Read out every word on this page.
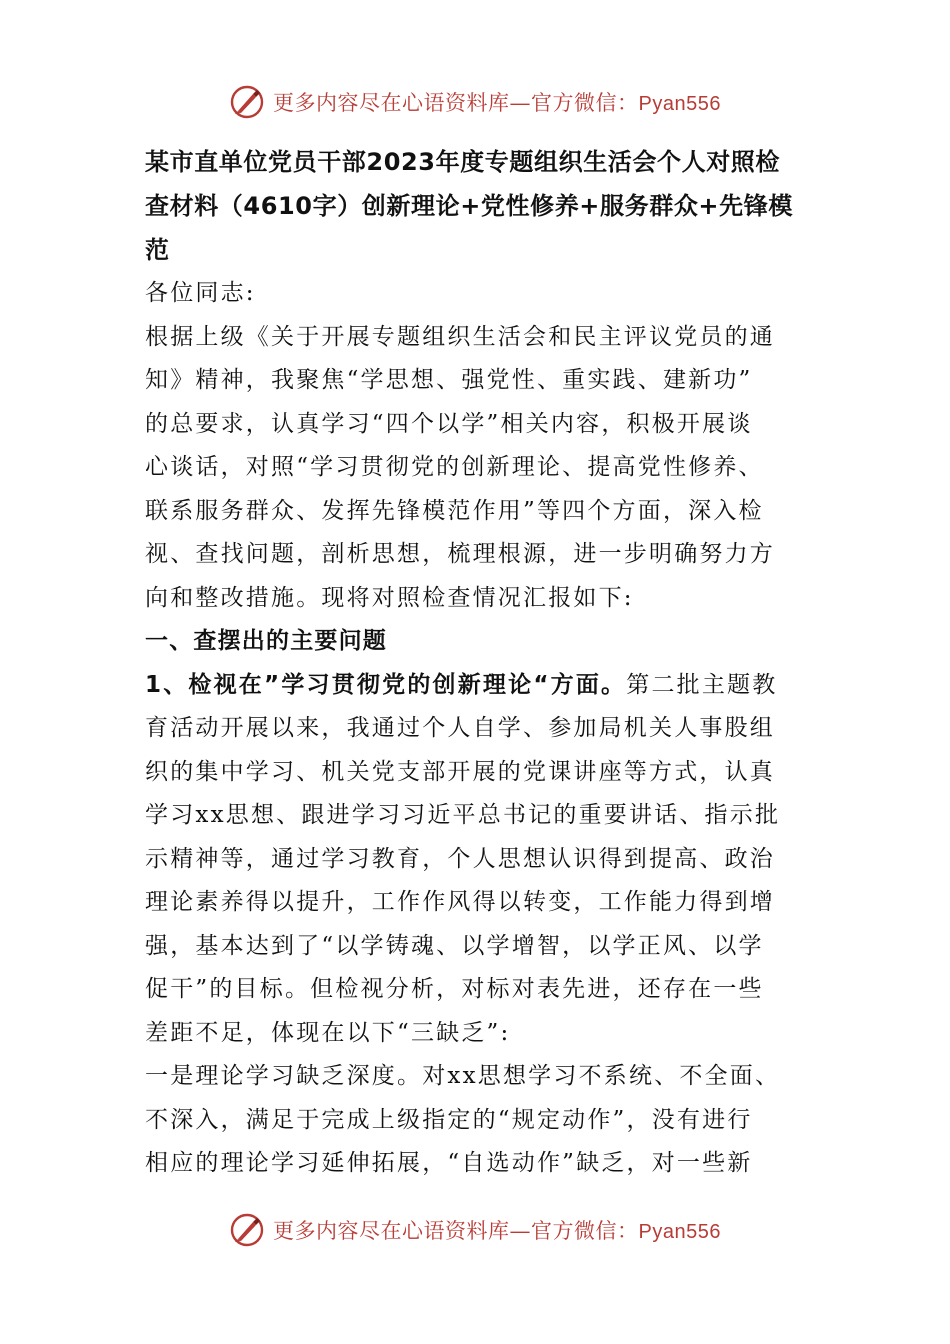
更多内容尽在心语资料库—官方微信：Pyan556
某市直单位党员干部2023年度专题组织生活会个人对照检
查材料（4610字）创新理论+党性修养+服务群众+先锋模范
各位同志:
根据上级《关于开展专题组织生活会和民主评议党员的通
知》精神，我聚焦“学思想、强党性、重实践、建新功”
的总要求，认真学习“四个以学”相关内容，积极开展谈
心谈话，对照“学习贯彻党的创新理论、提高党性修养、
联系服务群众、发挥先锋模范作用”等四个方面，深入检
视、查找问题，剖析思想，梳理根源，进一步明确努力方
向和整改措施。现将对照检查情况汇报如下:
一、查摆出的主要问题
1、检视在”学习贯彻党的创新理论“方面。第二批主题教
育活动开展以来，我通过个人自学、参加局机关人事股组
织的集中学习、机关党支部开展的党课讲座等方式，认真
学习xx思想、跟进学习习近平总书记的重要讲话、指示批
示精神等，通过学习教育，个人思想认识得到提高、政治
理论素养得以提升，工作作风得以转变，工作能力得到增
强，基本达到了“以学铸魂、以学增智，以学正风、以学
促干”的目标。但检视分析，对标对表先进，还存在一些
差距不足，体现在以下“三缺乏”:
一是理论学习缺乏深度。对xx思想学习不系统、不全面、
不深入，满足于完成上级指定的“规定动作”，没有进行
相应的理论学习延伸拓展，“自选动作”缺乏，对一些新
更多内容尽在心语资料库—官方微信：Pyan556
